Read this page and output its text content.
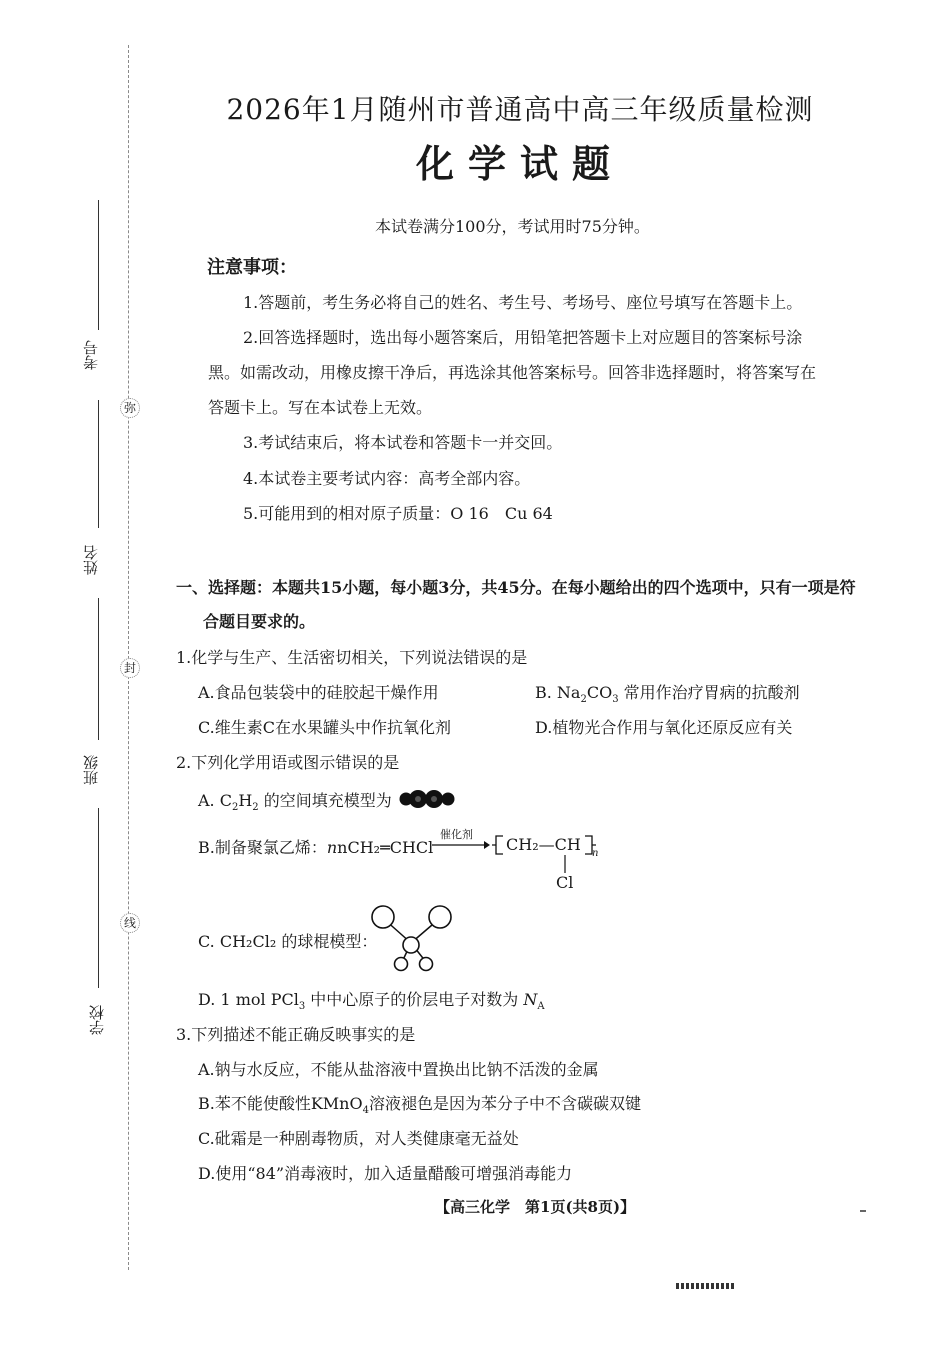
弥
封
线
考号
姓名
班级
学校
2026年1月随州市普通高中高三年级质量检测
化学试题
本试卷满分100分，考试用时75分钟。
注意事项：
1.答题前，考生务必将自己的姓名、考生号、考场号、座位号填写在答题卡上。
2.回答选择题时，选出每小题答案后，用铅笔把答题卡上对应题目的答案标号涂
黑。如需改动，用橡皮擦干净后，再选涂其他答案标号。回答非选择题时，将答案写在
答题卡上。写在本试卷上无效。
3.考试结束后，将本试卷和答题卡一并交回。
4.本试卷主要考试内容：高考全部内容。
5.可能用到的相对原子质量：O 16　Cu 64
一、选择题：本题共15小题，每小题3分，共45分。在每小题给出的四个选项中，只有一项是符
合题目要求的。
1.化学与生产、生活密切相关，下列说法错误的是
A.食品包装袋中的硅胶起干燥作用	B. $Na_2CO_3$ 常用作治疗胃病的抗酸剂
C.维生素C在水果罐头中作抗氧化剂	D.植物光合作用与氧化还原反应有关
2.下列化学用语或图示错误的是
A. $C_2H_2$ 的空间填充模型为
B.制备聚氯乙烯：nnCH₂═CHCl
催化剂
→ CH₂—CH n
Cl
C. CH₂Cl₂ 的球棍模型：
D. 1 mol PCl$_3$ 中中心原子的价层电子对数为 $N_A$
3.下列描述不能正确反映事实的是
A.钠与水反应，不能从盐溶液中置换出比钠不活泼的金属
B.苯不能使酸性KMnO$_4$溶液褪色是因为苯分子中不含碳碳双键
C.砒霜是一种剧毒物质，对人类健康毫无益处
D.使用“84”消毒液时，加入适量醋酸可增强消毒能力
【高三化学　第1页(共8页)】
